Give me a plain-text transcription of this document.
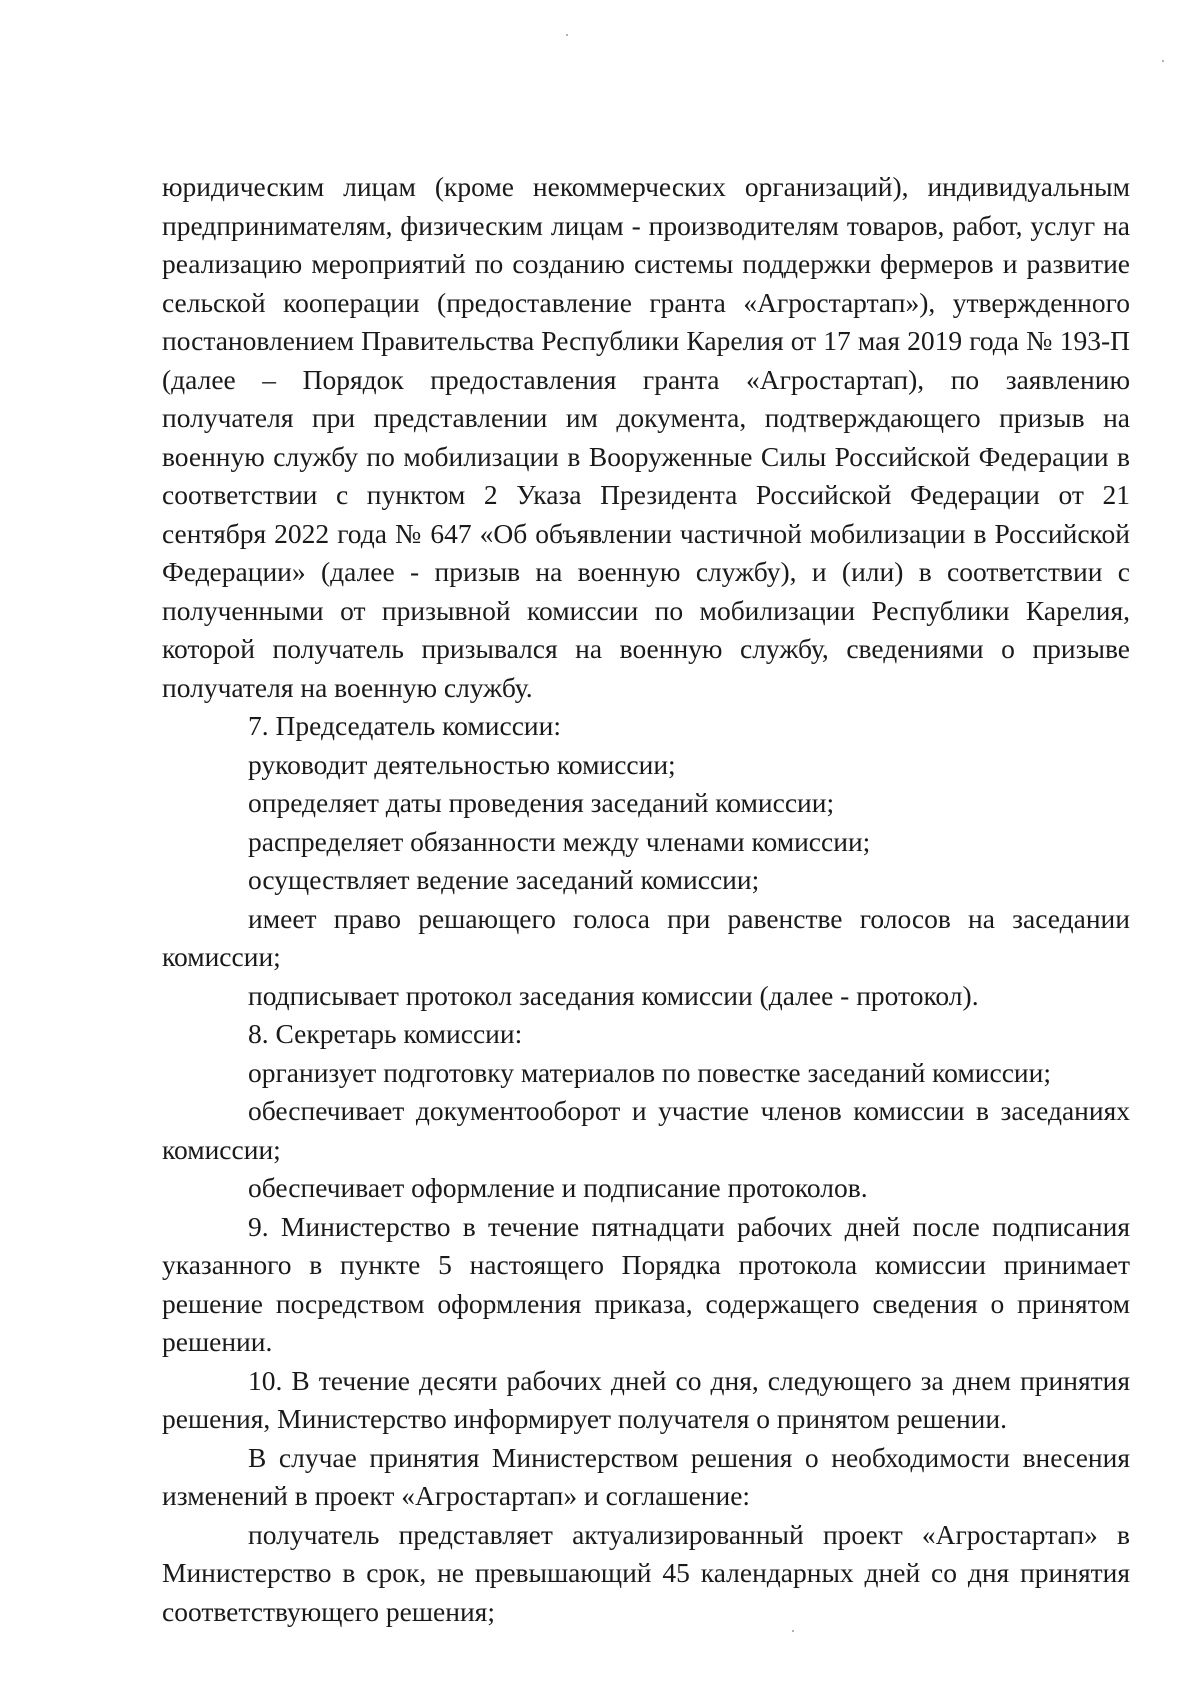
юридическим лицам (кроме некоммерческих организаций), индивидуальным предпринимателям, физическим лицам - производителям товаров, работ, услуг на реализацию мероприятий по созданию системы поддержки фермеров и развитие сельской кооперации (предоставление гранта «Агростартап»), утвержденного постановлением Правительства Республики Карелия от 17 мая 2019 года № 193-П (далее – Порядок предоставления гранта «Агростартап), по заявлению получателя при представлении им документа, подтверждающего призыв на военную службу по мобилизации в Вооруженные Силы Российской Федерации в соответствии с пунктом 2 Указа Президента Российской Федерации от 21 сентября 2022 года № 647 «Об объявлении частичной мобилизации в Российской Федерации» (далее - призыв на военную службу), и (или) в соответствии с полученными от призывной комиссии по мобилизации Республики Карелия, которой получатель призывался на военную службу, сведениями о призыве получателя на военную службу.

7. Председатель комиссии:

руководит деятельностью комиссии;

определяет даты проведения заседаний комиссии;

распределяет обязанности между членами комиссии;

осуществляет ведение заседаний комиссии;

имеет право решающего голоса при равенстве голосов на заседании комиссии;

подписывает протокол заседания комиссии (далее - протокол).

8. Секретарь комиссии:

организует подготовку материалов по повестке заседаний комиссии;

обеспечивает документооборот и участие членов комиссии в заседаниях комиссии;

обеспечивает оформление и подписание протоколов.

9. Министерство в течение пятнадцати рабочих дней после подписания указанного в пункте 5 настоящего Порядка протокола комиссии принимает решение посредством оформления приказа, содержащего сведения о принятом решении.

10. В течение десяти рабочих дней со дня, следующего за днем принятия решения, Министерство информирует получателя о принятом решении.

В случае принятия Министерством решения о необходимости внесения изменений в проект «Агростартап» и соглашение:

получатель представляет актуализированный проект «Агростартап» в Министерство в срок, не превышающий 45 календарных дней со дня принятия соответствующего решения;
